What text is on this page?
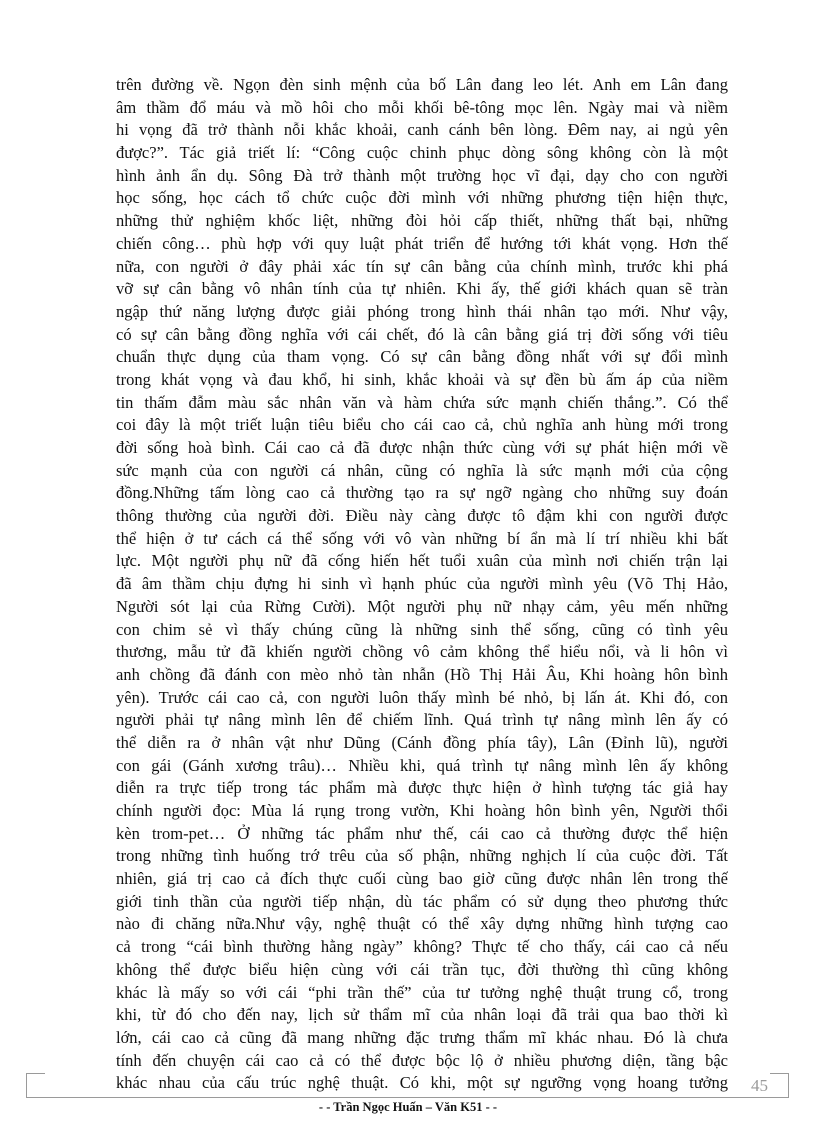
trên đường về. Ngọn đèn sinh mệnh của bố Lân đang leo lét. Anh em Lân đang
âm thầm đổ máu và mồ hôi cho mỗi khối bê-tông mọc lên. Ngày mai và niềm
hi vọng đã trở thành nỗi khắc khoải, canh cánh bên lòng. Đêm nay, ai ngủ yên
được?”. Tác giả triết lí: “Công cuộc chinh phục dòng sông không còn là một
hình ảnh ẩn dụ. Sông Đà trở thành một trường học vĩ đại, dạy cho con người
học sống, học cách tổ chức cuộc đời mình với những phương tiện hiện thực,
những thử nghiệm khốc liệt, những đòi hỏi cấp thiết, những thất bại, những
chiến công… phù hợp với quy luật phát triển để hướng tới khát vọng. Hơn thế
nữa, con người ở đây phải xác tín sự cân bằng của chính mình, trước khi phá
vỡ sự cân bằng vô nhân tính của tự nhiên. Khi ấy, thế giới khách quan sẽ tràn
ngập thứ năng lượng được giải phóng trong hình thái nhân tạo mới. Như vậy,
có sự cân bằng đồng nghĩa với cái chết, đó là cân bằng giá trị đời sống với tiêu
chuẩn thực dụng của tham vọng. Có sự cân bằng đồng nhất với sự đổi mình
trong khát vọng và đau khổ, hi sinh, khắc khoải và sự đền bù ấm áp của niềm
tin thấm đẫm màu sắc nhân văn và hàm chứa sức mạnh chiến thắng.”. Có thể
coi đây là một triết luận tiêu biểu cho cái cao cả, chủ nghĩa anh hùng mới trong
đời sống hoà bình. Cái cao cả đã được nhận thức cùng với sự phát hiện mới về
sức mạnh của con người cá nhân, cũng có nghĩa là sức mạnh mới của cộng
đồng.Những tấm lòng cao cả thường tạo ra sự ngỡ ngàng cho những suy đoán
thông thường của người đời. Điều này càng được tô đậm khi con người được
thể hiện ở tư cách cá thể sống với vô vàn những bí ẩn mà lí trí nhiều khi bất
lực. Một người phụ nữ đã cống hiến hết tuổi xuân của mình nơi chiến trận lại
đã âm thầm chịu đựng hi sinh vì hạnh phúc của người mình yêu (Võ Thị Hảo,
Người sót lại của Rừng Cười). Một người phụ nữ nhạy cảm, yêu mến những
con chim sẻ vì thấy chúng cũng là những sinh thể sống, cũng có tình yêu
thương, mẫu tử đã khiến người chồng vô cảm không thể hiểu nổi, và li hôn vì
anh chồng đã đánh con mèo nhỏ tàn nhẫn (Hồ Thị Hải Âu, Khi hoàng hôn bình
yên). Trước cái cao cả, con người luôn thấy mình bé nhỏ, bị lấn át. Khi đó, con
người phải tự nâng mình lên để chiếm lĩnh. Quá trình tự nâng mình lên ấy có
thể diễn ra ở nhân vật như Dũng (Cánh đồng phía tây), Lân (Đỉnh lũ), người
con gái (Gánh xương trâu)… Nhiều khi, quá trình tự nâng mình lên ấy không
diễn ra trực tiếp trong tác phẩm mà được thực hiện ở hình tượng tác giả hay
chính người đọc: Mùa lá rụng trong vườn, Khi hoàng hôn bình yên, Người thổi
kèn trom-pet… Ở những tác phẩm như thế, cái cao cả thường được thể hiện
trong những tình huống trớ trêu của số phận, những nghịch lí của cuộc đời. Tất
nhiên, giá trị cao cả đích thực cuối cùng bao giờ cũng được nhân lên trong thế
giới tinh thần của người tiếp nhận, dù tác phẩm có sử dụng theo phương thức
nào đi chăng nữa.Như vậy, nghệ thuật có thể xây dựng những hình tượng cao
cả trong “cái bình thường hằng ngày” không? Thực tế cho thấy, cái cao cả nếu
không thể được biểu hiện cùng với cái trần tục, đời thường thì cũng không
khác là mấy so với cái “phi trần thế” của tư tưởng nghệ thuật trung cổ, trong
khi, từ đó cho đến nay, lịch sử thẩm mĩ của nhân loại đã trải qua bao thời kì
lớn, cái cao cả cũng đã mang những đặc trưng thẩm mĩ khác nhau. Đó là chưa
tính đến chuyện cái cao cả có thể được bộc lộ ở nhiều phương diện, tầng bậc
khác nhau của cấu trúc nghệ thuật. Có khi, một sự ngưỡng vọng hoang tưởng	45
- - Trần Ngọc Huấn – Văn K51 - -
